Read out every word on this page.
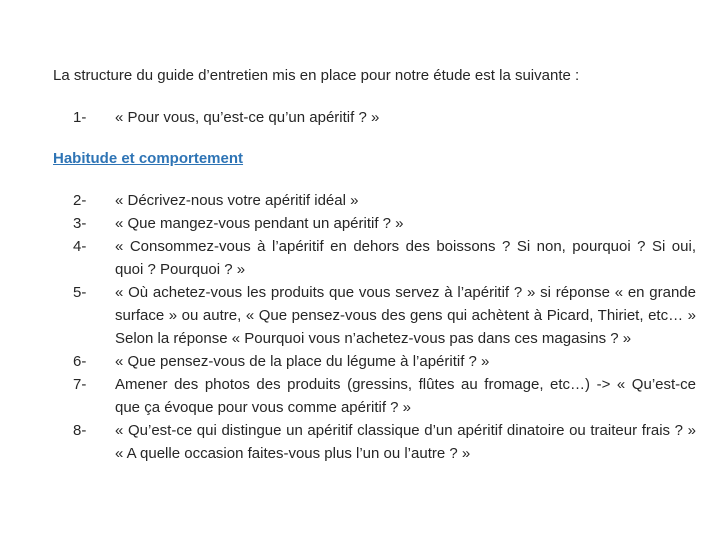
La structure du guide d’entretien mis en place pour notre étude est la suivante :
1-	« Pour vous, qu’est-ce qu’un apéritif ? »
Habitude et comportement
2-	« Décrivez-nous votre apéritif idéal »
3-	« Que mangez-vous pendant un apéritif ? »
4-	« Consommez-vous à l’apéritif en dehors des boissons ? Si non, pourquoi ? Si oui, quoi ? Pourquoi ? »
5-	« Où achetez-vous les produits que vous servez à l’apéritif ? » si réponse « en grande surface » ou autre, « Que pensez-vous des gens qui achètent à Picard, Thiriet, etc… » Selon la réponse « Pourquoi vous n’achetez-vous pas dans ces magasins ? »
6-	« Que pensez-vous de la place du légume à l’apéritif ? »
7-	Amener des photos des produits (gressins, flûtes au fromage, etc…) -> « Qu’est-ce que ça évoque pour vous comme apéritif ? »
8-	« Qu’est-ce qui distingue un apéritif classique d’un apéritif dinatoire ou traiteur frais ? » « A quelle occasion faites-vous plus l’un ou l’autre ? »
